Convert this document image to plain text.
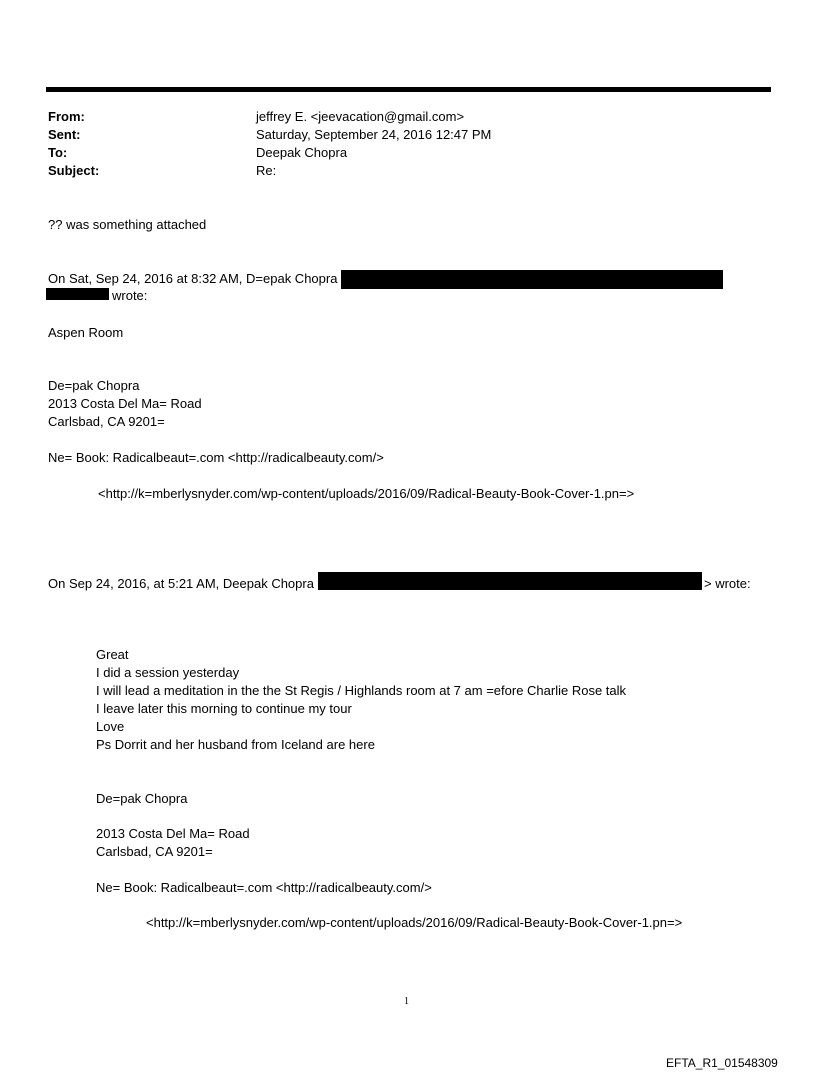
From:	jeffrey E. <jeevacation@gmail.com>
Sent:	Saturday, September 24, 2016 12:47 PM
To:	Deepak Chopra
Subject:	Re:
?? was something attached
On Sat, Sep 24, 2016 at 8:32 AM, D=epak Chopra
wrote:
Aspen Room
De=pak Chopra
2013 Costa Del Ma= Road
Carlsbad, CA 9201=
Ne= Book: Radicalbeaut=.com <http://radicalbeauty.com/>
<http://k=mberlysnyder.com/wp-content/uploads/2016/09/Radical-Beauty-Book-Cover-1.pn=>
On Sep 24, 2016, at 5:21 AM, Deepak Chopra	> wrote:
Great
I did a session yesterday
I will lead a meditation in the the St Regis / Highlands room at 7 am =efore Charlie Rose talk
I leave later this morning to continue my tour
Love
Ps Dorrit and her husband from Iceland are here
De=pak Chopra
2013 Costa Del Ma= Road
Carlsbad, CA 9201=
Ne= Book: Radicalbeaut=.com <http://radicalbeauty.com/>
<http://k=mberlysnyder.com/wp-content/uploads/2016/09/Radical-Beauty-Book-Cover-1.pn=>
1
EFTA_R1_01548309
